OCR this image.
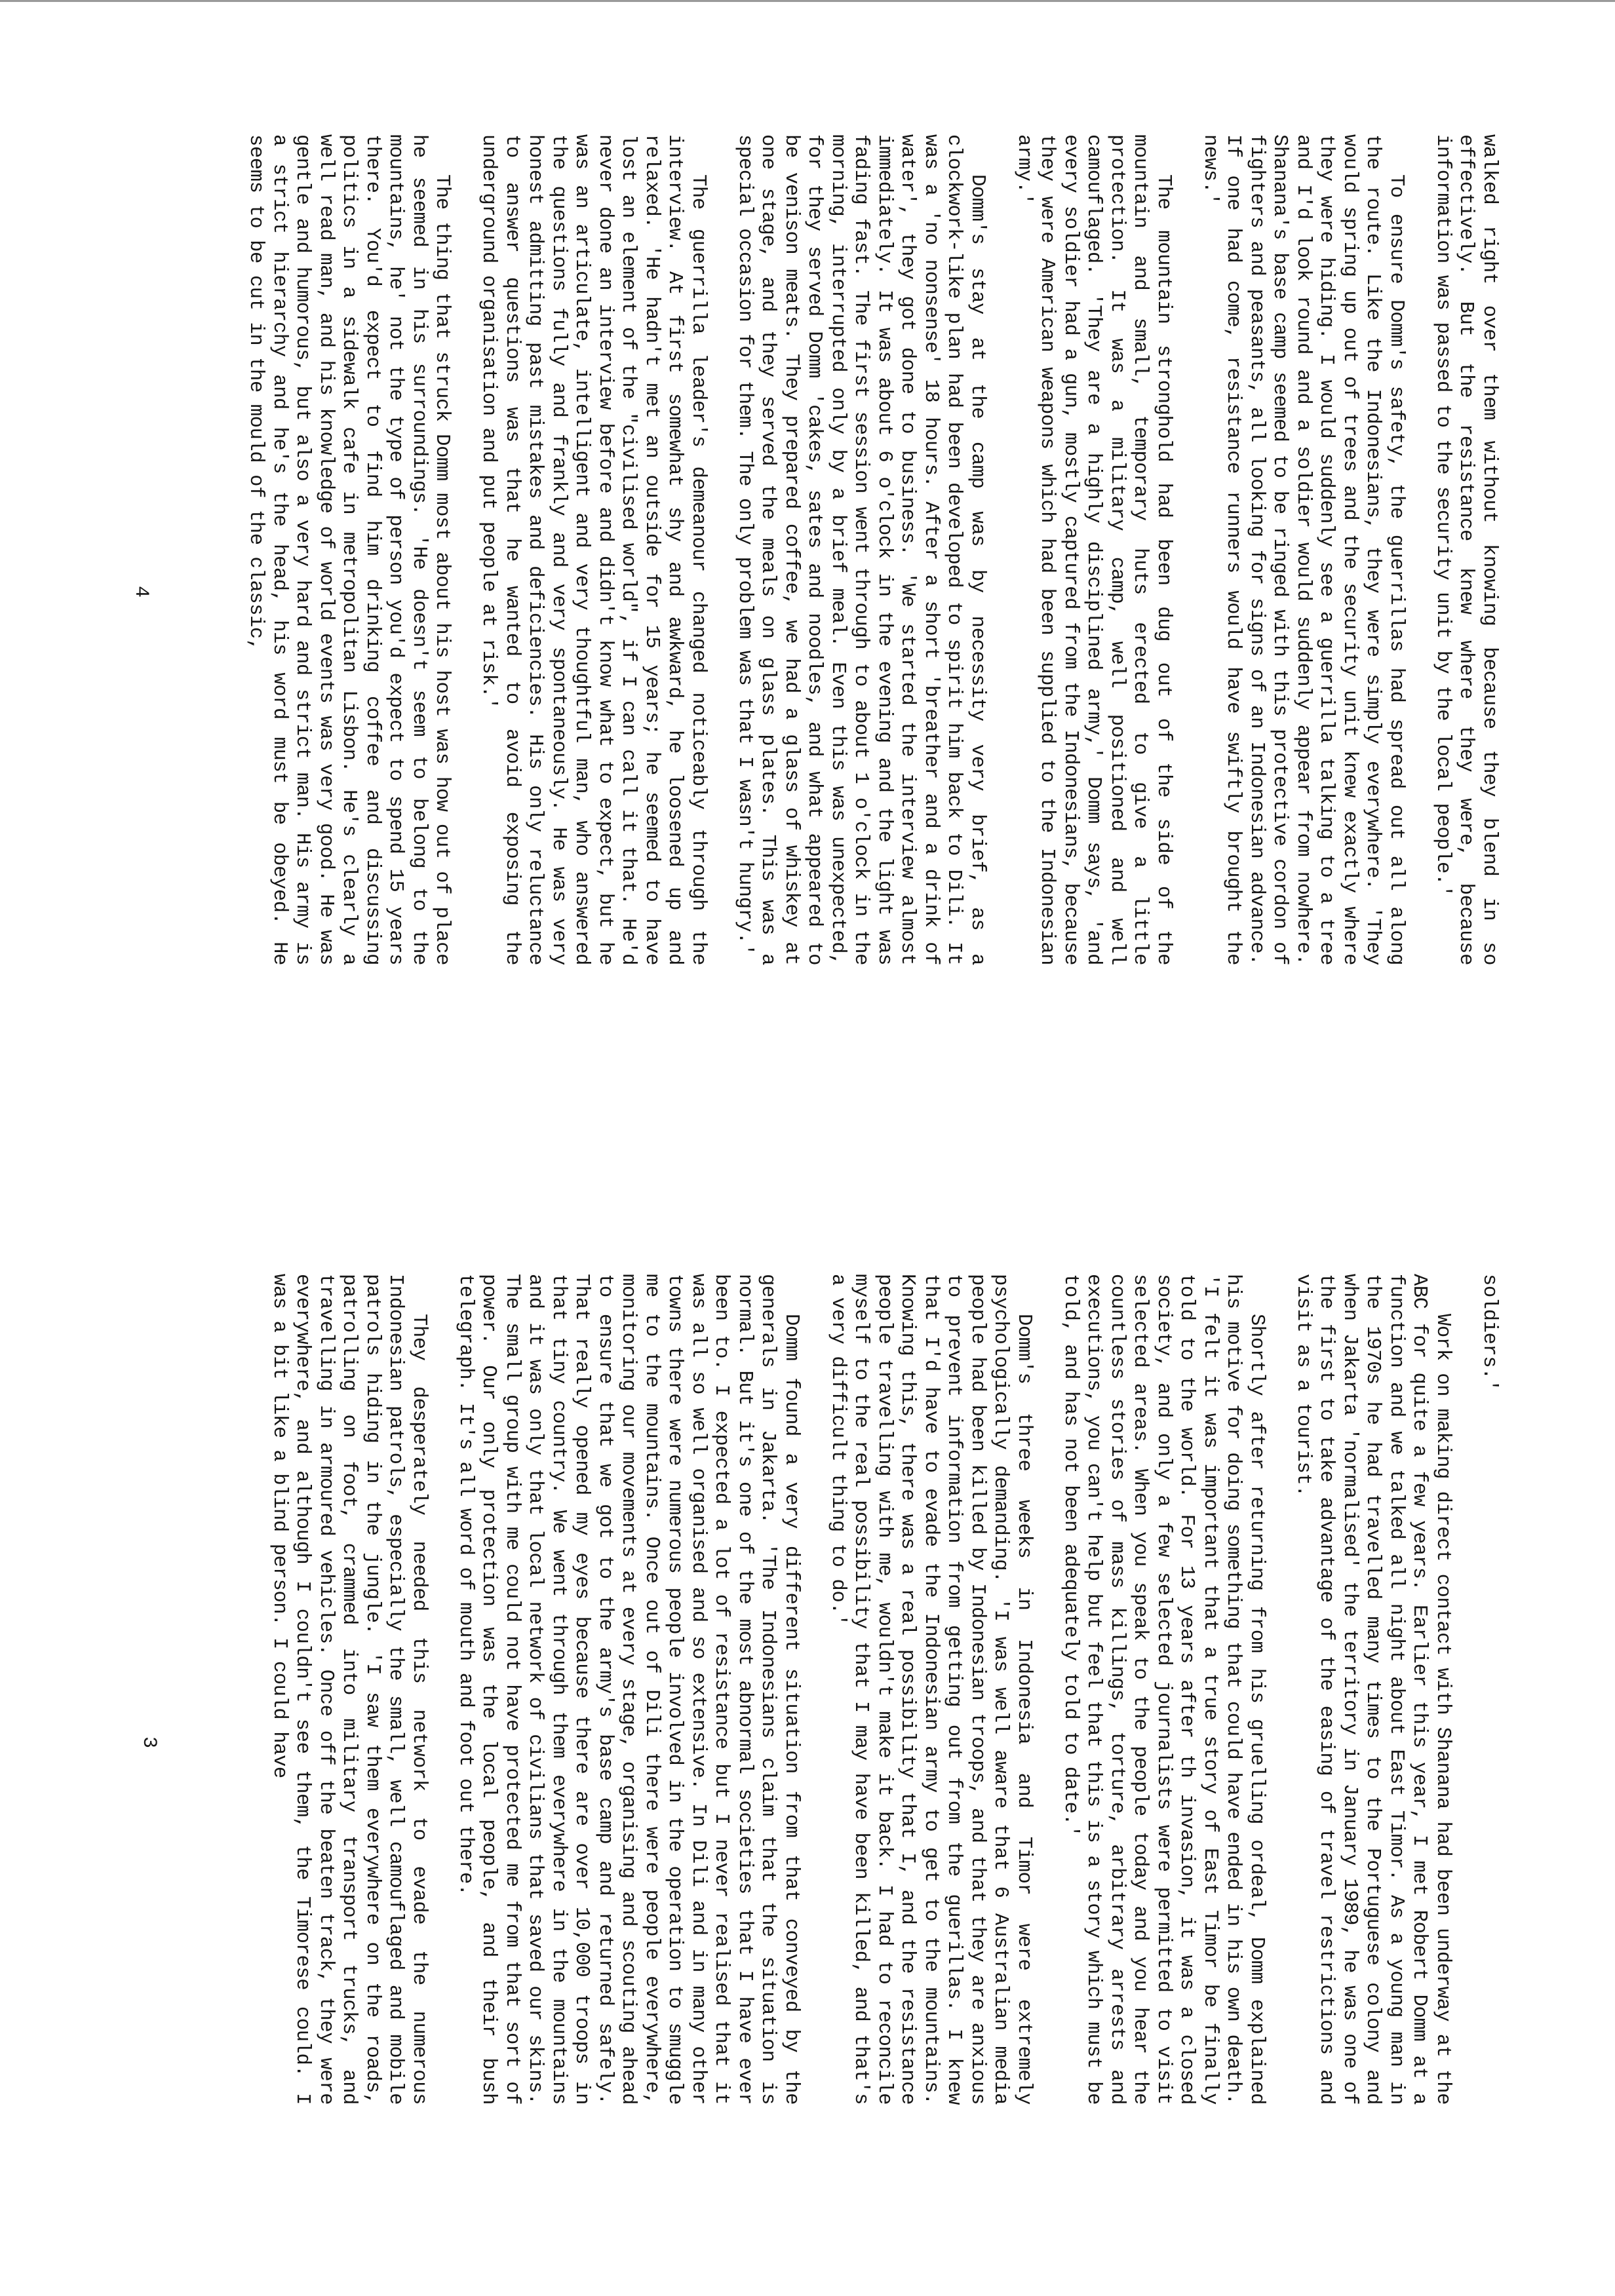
walked right over them without knowing because they blend in so effectively. But the resistance knew where they were, because information was passed to the security unit by the local people.'

To ensure Domm's safety, the guerrillas had spread out all along the route. Like the Indonesians, they were simply everywhere. 'They would spring up out of trees and the security unit knew exactly where they were hiding. I would suddenly see a guerrilla talking to a tree and I'd look round and a soldier would suddenly appear from nowhere. Shanana's base camp seemed to be ringed with this protective cordon of fighters and peasants, all looking for signs of an Indonesian advance. If one had come, resistance runners would have swiftly brought the news.'

The mountain stronghold had been dug out of the side of the mountain and small, temporary huts erected to give a little protection. It was a military camp, well positioned and well camouflaged. 'They are a highly disciplined army,' Domm says, 'and every soldier had a gun, mostly captured from the Indonesians, because they were American weapons which had been supplied to the Indonesian army.'

Domm's stay at the camp was by necessity very brief, as a clockwork-like plan had been developed to spirit him back to Dili. It was a 'no nonsense' 18 hours. After a short 'breather and a drink of water', they got done to business. 'We started the interview almost immediately. It was about 6 o'clock in the evening and the light was fading fast. The first session went through to about 1 o'clock in the morning, interrupted only by a brief meal. Even this was unexpected, for they served Domm 'cakes, sates and noodles, and what appeared to be venison meats. They prepared coffee, we had a glass of whiskey at one stage, and they served the meals on glass plates. This was a special occasion for them. The only problem was that I wasn't hungry.'

The guerrilla leader's demeanour changed noticeably through the interview. At first somewhat shy and awkward, he loosened up and relaxed. 'He hadn't met an outside for 15 years; he seemed to have lost an element of the "civilised world", if I can call it that. He'd never done an interview before and didn't know what to expect, but he was an articulate, intelligent and very thoughtful man, who answered the questions fully and frankly and very spontaneously. He was very honest admitting past mistakes and deficiencies. His only reluctance to answer questions was that he wanted to avoid exposing the underground organisation and put people at risk.'

The thing that struck Domm most about his host was how out of place he seemed in his surroundings. 'He doesn't seem to belong to the mountains, he' not the type of person you'd expect to spend 15 years there. You'd expect to find him drinking coffee and discussing politics in a sidewalk cafe in metropolitan Lisbon. He's clearly a well read man, and his knowledge of world events was very good. He was gentle and humorous, but also a very hard and strict man. His army is a strict hierarchy and he's the head, his word must be obeyed. He seems to be cut in the mould of the classic,

4

soldiers.'

Work on making direct contact with Shanana had been underway at the ABC for quite a few years. Earlier this year, I met Robert Domm at a function and we talked all night about East Timor. As a young man in the 1970s he had travelled many times to the Portuguese colony and when Jakarta 'normalised' the territory in January 1989, he was one of the first to take advantage of the easing of travel restrictions and visit as a tourist.

Shortly after returning from his gruelling ordeal, Domm explained his motive for doing something that could have ended in his own death. 'I felt it was important that a true story of East Timor be finally told to the world. For 13 years after th invasion, it was a closed society, and only a few selected journalists were permitted to visit selected areas. When you speak to the people today and you hear the countless stories of mass killings, torture, arbitrary arrests and executions, you can't help but feel that this is a story which must be told, and has not been adequately told to date.'

Domm's three weeks in Indonesia and Timor were extremely psychologically demanding. 'I was well aware that 6 Australian media people had been killed by Indonesian troops, and that they are anxious to prevent information from getting out from the guerillas. I knew that I'd have to evade the Indonesian army to get to the mountains. Knowing this, there was a real possibility that I, and the resistance people travelling with me, wouldn't make it back. I had to reconcile myself to the real possibility that I may have been killed, and that's a very difficult thing to do.'

Domm found a very different situation from that conveyed by the generals in Jakarta. 'The Indonesians claim that the situation is normal. But it's one of the most abnormal societies that I have ever been to. I expected a lot of resistance but I never realised that it was all so well organised and so extensive. In Dili and in many other towns there were numerous people involved in the operation to smuggle me to the mountains. Once out of Dili there were people everywhere, monitoring our movements at every stage, organising and scouting ahead to ensure that we got to the army's base camp and returned safely. That really opened my eyes because there are over 10,000 troops in that tiny country. We went through them everywhere in the mountains and it was only that local network of civilians that saved our skins. The small group with me could not have protected me from that sort of power. Our only protection was the local people, and their bush telegraph. It's all word of mouth and foot out there.

They desperately needed this network to evade the numerous Indonesian patrols, especially the small, well camouflaged and mobile patrols hiding in the jungle. 'I saw them everywhere on the roads, patrolling on foot, crammed into military transport trucks, and travelling in armoured vehicles. Once off the beaten track, they were everywhere, and although I couldn't see them, the Timorese could. I was a bit like a blind person. I could have

3
